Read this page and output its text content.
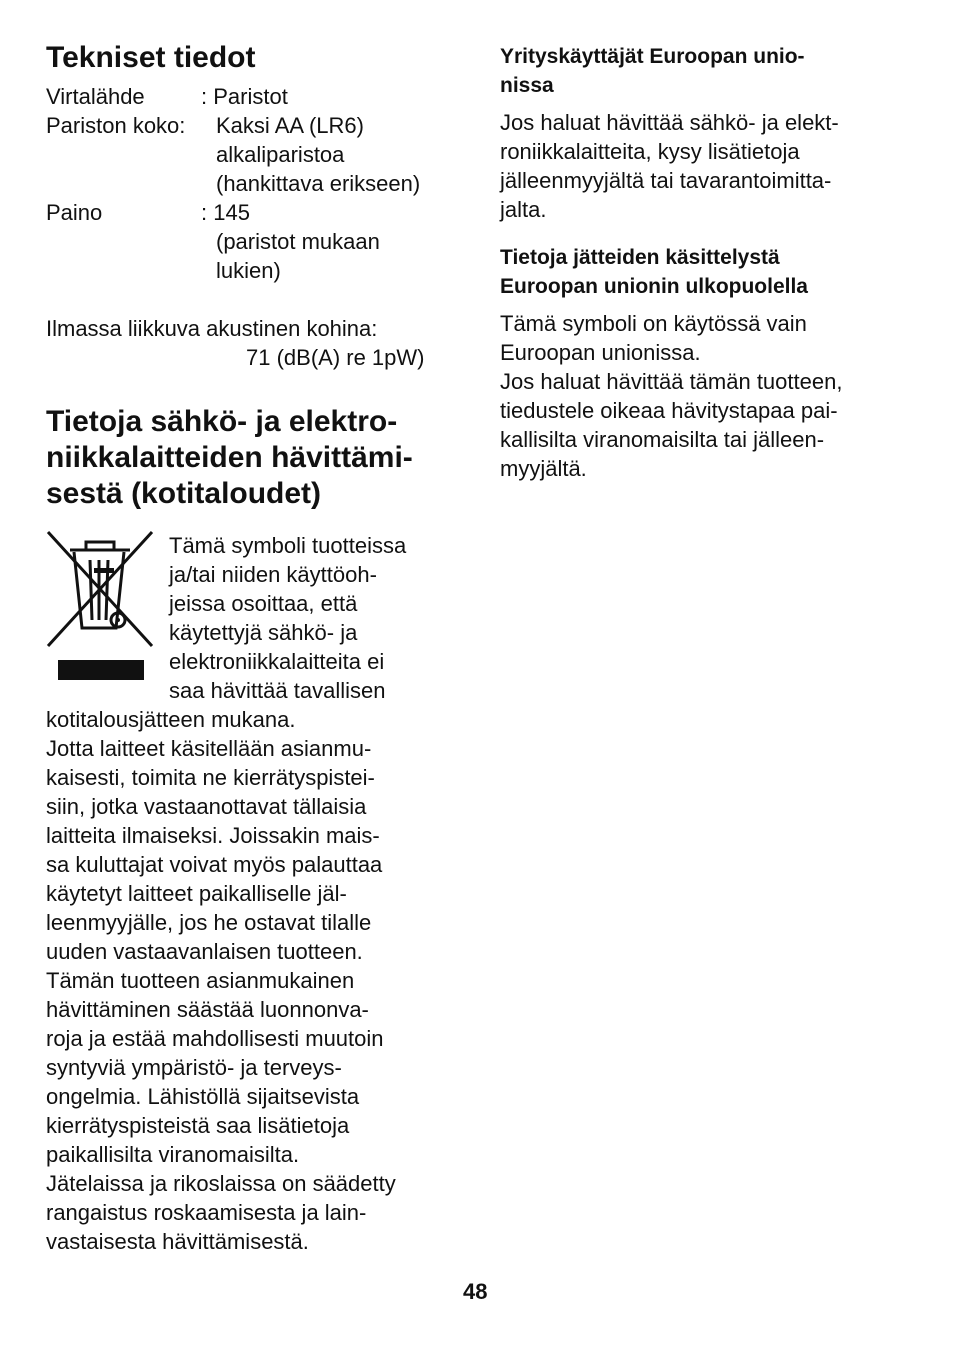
Tekniset tiedot
Virtalähde	: Paristot
Pariston koko: Kaksi AA (LR6)
alkaliparistoa
(hankittava erikseen)
Paino	: 145
(paristot mukaan
lukien)
Ilmassa liikkuva akustinen kohina:
71 (dB(A) re 1pW)
Tietoja sähkö- ja elektro-
niikkalaitteiden hävittämi-
sestä (kotitaloudet)
Tämä symboli tuotteissa
ja/tai niiden käyttöoh-
jeissa osoittaa, että
käytettyjä sähkö- ja
elektroniikkalaitteita ei
saa hävittää tavallisen
kotitalousjätteen mukana.
Jotta laitteet käsitellään asianmu-
kaisesti, toimita ne kierrätyspistei-
siin, jotka vastaanottavat tällaisia
laitteita ilmaiseksi. Joissakin mais-
sa kuluttajat voivat myös palauttaa
käytetyt laitteet paikalliselle jäl-
leenmyyjälle, jos he ostavat tilalle
uuden vastaavanlaisen tuotteen.
Tämän tuotteen asianmukainen
hävittäminen säästää luonnonva-
roja ja estää mahdollisesti muutoin
syntyviä ympäristö- ja terveys-
ongelmia. Lähistöllä sijaitsevista
kierrätyspisteistä saa lisätietoja
paikallisilta viranomaisilta.
Jätelaissa ja rikoslaissa on säädetty
rangaistus roskaamisesta ja lain-
vastaisesta hävittämisestä.
Yrityskäyttäjät Euroopan unio-
nissa
Jos haluat hävittää sähkö- ja elekt-
roniikkalaitteita, kysy lisätietoja
jälleenmyyjältä tai tavarantoimitta-
jalta.
Tietoja jätteiden käsittelystä
Euroopan unionin ulkopuolella
Tämä symboli on käytössä vain
Euroopan unionissa.
Jos haluat hävittää tämän tuotteen,
tiedustele oikeaa hävitystapaa pai-
kallisilta viranomaisilta tai jälleen-
myyjältä.
48
